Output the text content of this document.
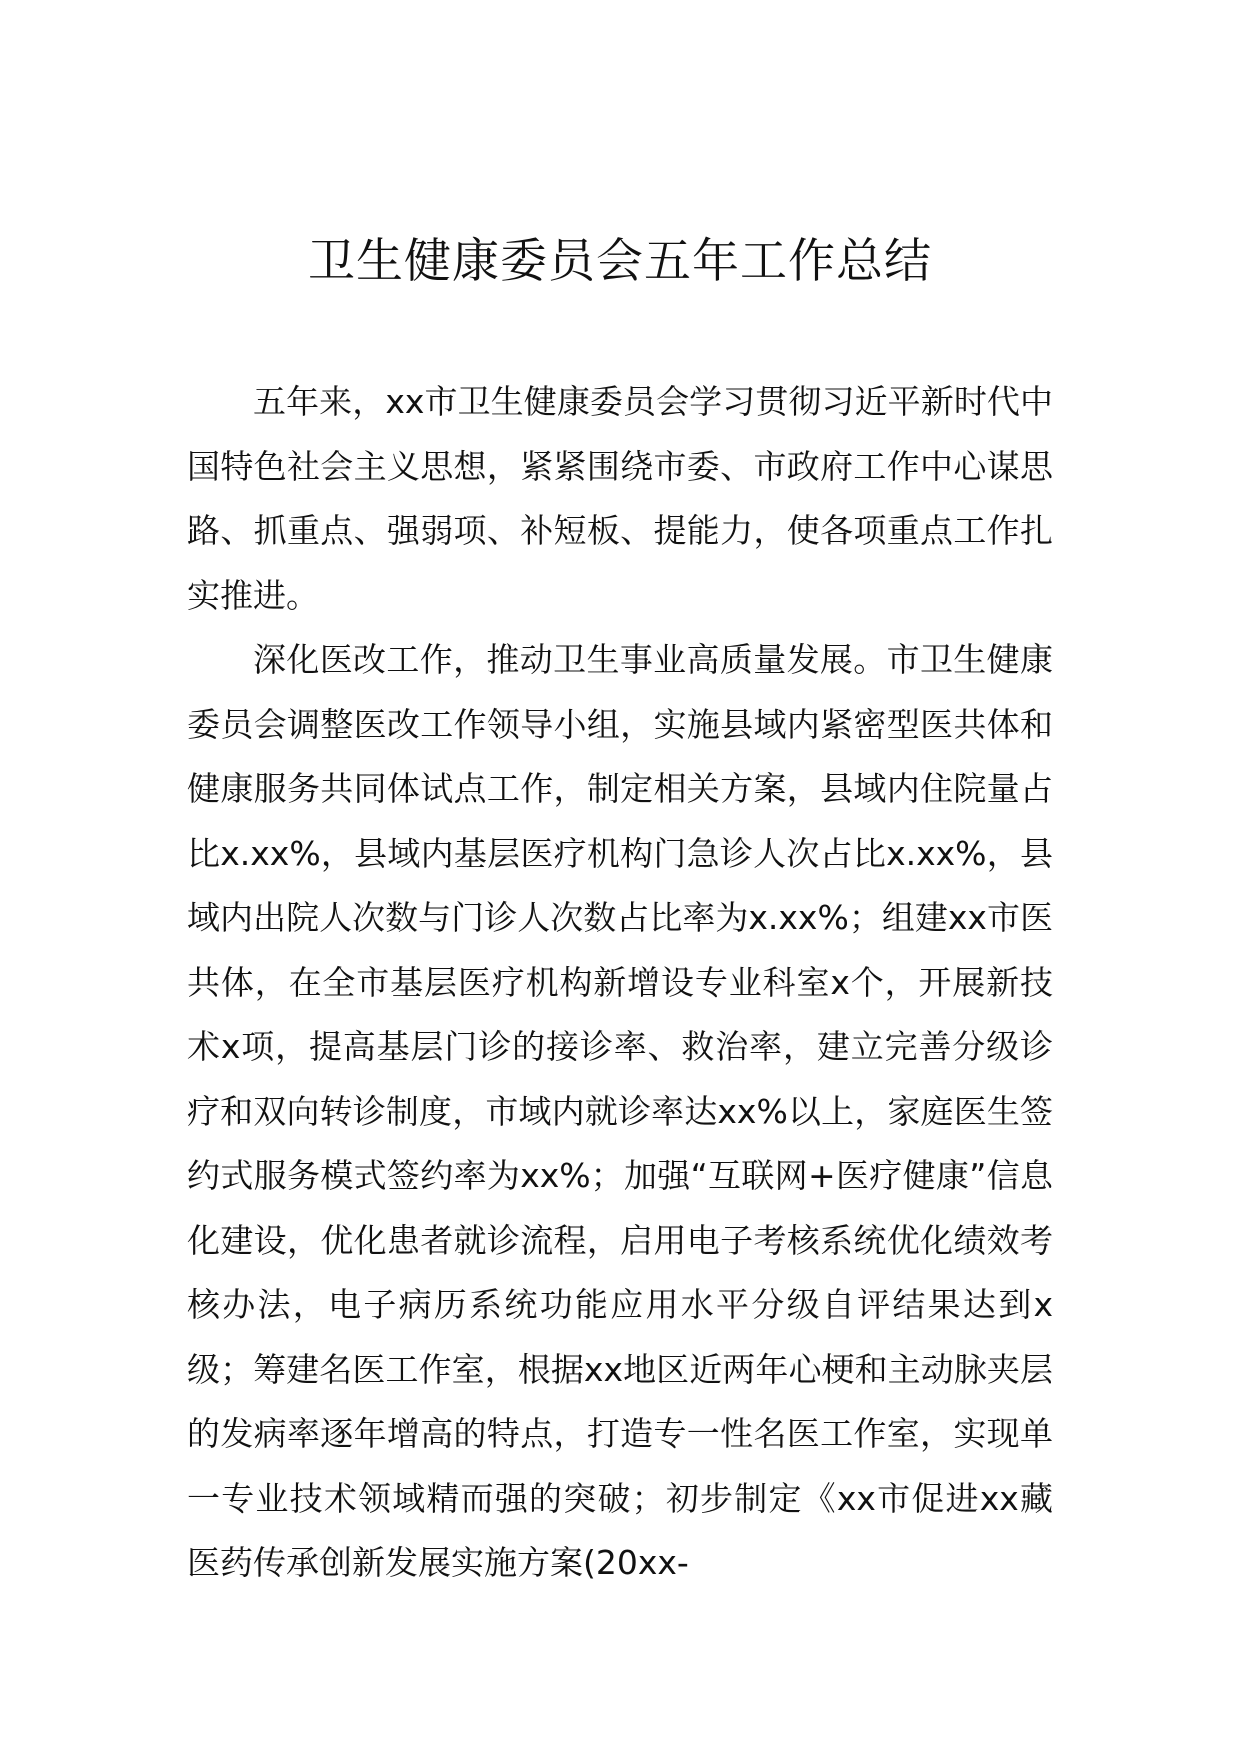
卫生健康委员会五年工作总结

五年来，xx市卫生健康委员会学习贯彻习近平新时代中国特色社会主义思想，紧紧围绕市委、市政府工作中心谋思路、抓重点、强弱项、补短板、提能力，使各项重点工作扎实推进。

深化医改工作，推动卫生事业高质量发展。市卫生健康委员会调整医改工作领导小组，实施县域内紧密型医共体和健康服务共同体试点工作，制定相关方案，县域内住院量占比x.xx%，县域内基层医疗机构门急诊人次占比x.xx%，县域内出院人次数与门诊人次数占比率为x.xx%；组建xx市医共体，在全市基层医疗机构新增设专业科室x个，开展新技术x项，提高基层门诊的接诊率、救治率，建立完善分级诊疗和双向转诊制度，市域内就诊率达xx%以上，家庭医生签约式服务模式签约率为xx%；加强“互联网+医疗健康”信息化建设，优化患者就诊流程，启用电子考核系统优化绩效考核办法，电子病历系统功能应用水平分级自评结果达到x级；筹建名医工作室，根据xx地区近两年心梗和主动脉夹层的发病率逐年增高的特点，打造专一性名医工作室，实现单一专业技术领域精而强的突破；初步制定《xx市促进xx藏医药传承创新发展实施方案(20xx-
